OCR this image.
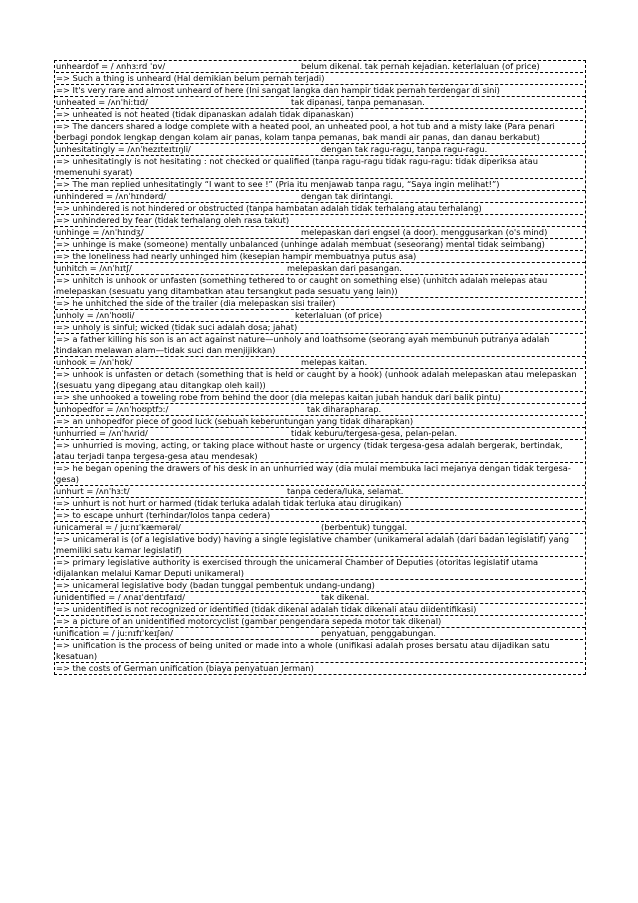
unheardof = / ʌnhɜːrd ˈɒv/	belum dikenal. tak pernah kejadian. keterlaluan (of price)
=> Such a thing is unheard (Hal demikian belum pernah terjadi)
=> It's very rare and almost unheard of here (Ini sangat langka dan hampir tidak pernah terdengar di sini)
unheated = /ʌnˈhiːtɪd/	tak dipanasi, tanpa pemanasan.
=> unheated is not heated (tidak dipanaskan adalah tidak dipanaskan)
=> The dancers shared a lodge complete with a heated pool, an unheated pool, a hot tub and a misty lake (Para penari berbagi pondok lengkap dengan kolam air panas, kolam tanpa pemanas, bak mandi air panas, dan danau berkabut)
unhesitatingly = /ʌnˈhezɪteɪtɪŋli/	dengan tak ragu-ragu, tanpa ragu-ragu.
=> unhesitatingly is not hesitating : not checked or qualified (tanpa ragu-ragu tidak ragu-ragu: tidak diperiksa atau memenuhi syarat)
=> The man replied unhesitatingly “I want to see !” (Pria itu menjawab tanpa ragu, “Saya ingin melihat!”)
unhindered = /ʌnˈhɪndərd/	dengan tak dirintangi.
=> unhindered is not hindered or obstructed (tanpa hambatan adalah tidak terhalang atau terhalang)
=> unhindered by fear (tidak terhalang oleh rasa takut)
unhinge = /ʌnˈhɪndʒ/	melepaskan dari engsel (a door). menggusarkan (o's mind)
=> unhinge is make (someone) mentally unbalanced (unhinge adalah membuat (seseorang) mental tidak seimbang)
=> the loneliness had nearly unhinged him (kesepian hampir membuatnya putus asa)
unhitch = /ʌnˈhɪtʃ/	melepaskan dari pasangan.
=> unhitch is unhook or unfasten (something tethered to or caught on something else) (unhitch adalah melepas atau melepaskan (sesuatu yang ditambatkan atau tersangkut pada sesuatu yang lain))
=> he unhitched the side of the trailer (dia melepaskan sisi trailer)
unholy = /ʌnˈhoʊli/	keterlaluan (of price)
=> unholy is sinful; wicked (tidak suci adalah dosa; jahat)
=> a father killing his son is an act against nature—unholy and loathsome (seorang ayah membunuh putranya adalah tindakan melawan alam—tidak suci dan menjijikkan)
unhook = /ʌnˈhʊk/	melepas kaitan.
=> unhook is unfasten or detach (something that is held or caught by a hook) (unhook adalah melepaskan atau melepaskan (sesuatu yang dipegang atau ditangkap oleh kail))
=> she unhooked a toweling robe from behind the door (dia melepas kaitan jubah handuk dari balik pintu)
unhopedfor = /ʌnˈhoʊptfɔː/	tak diharapharap.
=> an unhopedfor piece of good luck (sebuah keberuntungan yang tidak diharapkan)
unhurried = /ʌnˈhʌrid/	tidak keburu/tergesa-gesa, pelan-pelan.
=> unhurried is moving, acting, or taking place without haste or urgency (tidak tergesa-gesa adalah bergerak, bertindak, atau terjadi tanpa tergesa-gesa atau mendesak)
=> he began opening the drawers of his desk in an unhurried way (dia mulai membuka laci mejanya dengan tidak tergesa-gesa)
unhurt = /ʌnˈhɜːt/	tanpa cedera/luka, selamat.
=> unhurt is not hurt or harmed (tidak terluka adalah tidak terluka atau dirugikan)
=> to escape unhurt (terhindar/lolos tanpa cedera)
unicameral = / juːnɪˈkæmərəl/	(berbentuk) tunggal.
=> unicameral is (of a legislative body) having a single legislative chamber (unikameral adalah (dari badan legislatif) yang memiliki satu kamar legislatif)
=> primary legislative authority is exercised through the unicameral Chamber of Deputies (otoritas legislatif utama dijalankan melalui Kamar Deputi unikameral)
=> unicameral legislative body (badan tunggal pembentuk undang-undang)
unidentified = / ʌnaɪˈdentɪfaɪd/	tak dikenal.
=> unidentified is not recognized or identified (tidak dikenal adalah tidak dikenali atau diidentifikasi)
=> a picture of an unidentified motorcyclist (gambar pengendara sepeda motor tak dikenal)
unification = / juːnɪfɪˈkeɪʃən/	penyatuan, penggabungan.
=> unification is the process of being united or made into a whole (unifikasi adalah proses bersatu atau dijadikan satu kesatuan)
=> the costs of German unification (biaya penyatuan Jerman)
